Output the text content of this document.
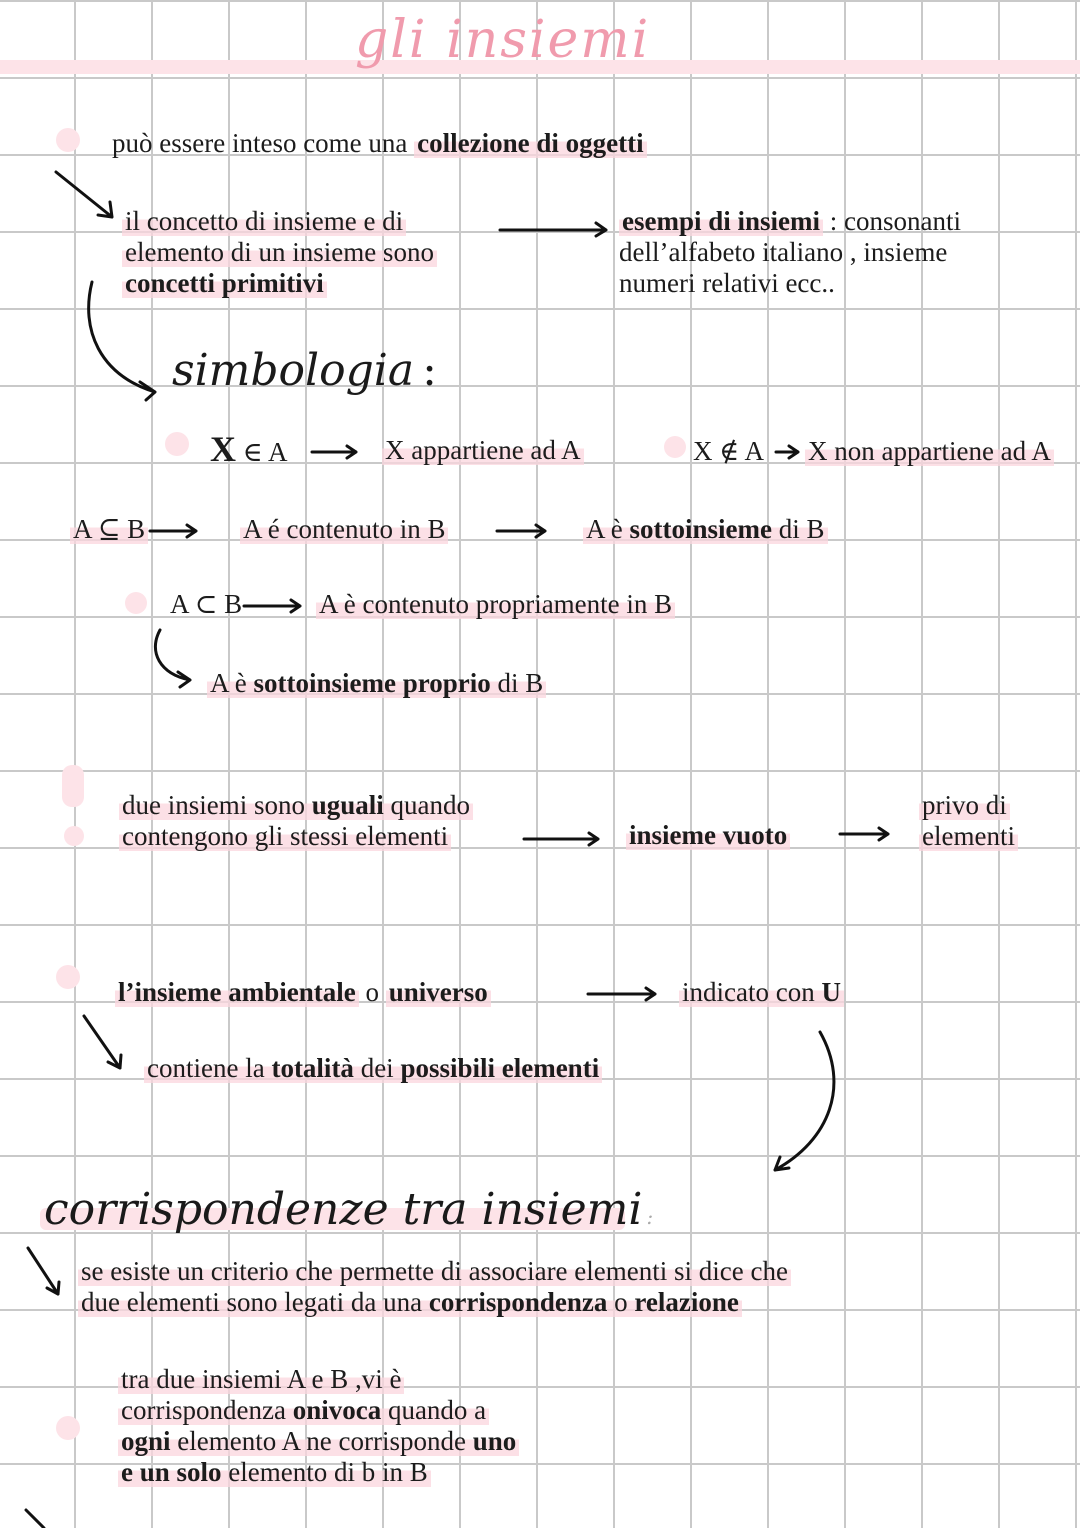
gli insiemi
può essere inteso come una collezione di oggetti
il concetto di insieme e di
elemento di un insieme sono
concetti primitivi
esempi di insiemi : consonanti
dell’alfabeto italiano , insieme
numeri relativi ecc..
simbologia :
X ∈ A	X appartiene ad A	X ∉ A X non appartiene ad A
A ⊆ B	A é contenuto in B	A è sottoinsieme di B
A ⊂ B	A è contenuto propriamente in B
A è sottoinsieme proprio di B
due insiemi sono uguali quando
contengono gli stessi elementi	insieme vuoto
privo di
elementi
l’insieme ambientale o universo	indicato con U
contiene la totalità dei possibili elementi
corrispondenze tra insiemi :
se esiste un criterio che permette di associare elementi si dice che
due elementi sono legati da una corrispondenza o relazione
tra due insiemi A e B ,vi è
corrispondenza onivoca quando a
ogni elemento A ne corrisponde uno
e un solo elemento di b in B
